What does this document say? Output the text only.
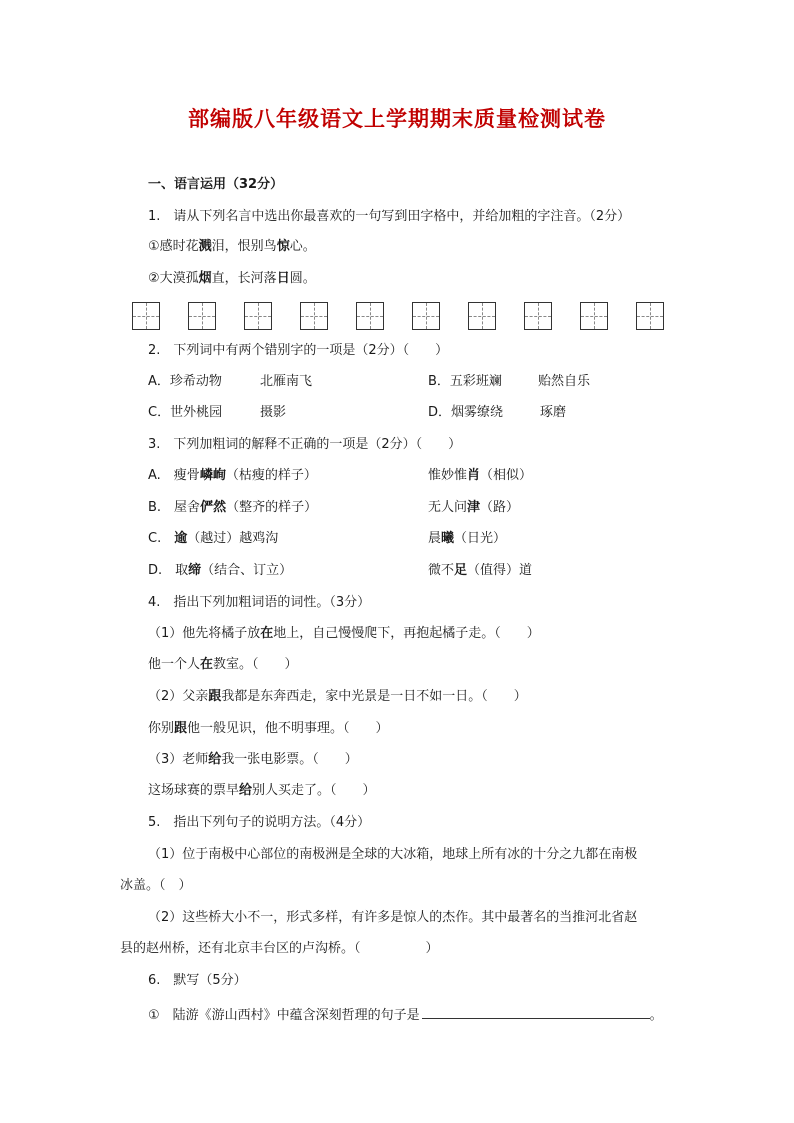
部编版八年级语文上学期期末质量检测试卷
一、语言运用（32分）
1.　请从下列名言中选出你最喜欢的一句写到田字格中，并给加粗的字注音。（2分）
①感时花溅泪，恨别鸟惊心。
②大漠孤烟直，长河落日圆。
2.　下列词中有两个错别字的一项是（2分）（　　）
A．珍希动物	北雁南飞	B．五彩班斓	贻然自乐
C．世外桃园	摄影	D．烟雾缭绕	琢磨
3.　下列加粗词的解释不正确的一项是（2分）（　　）
A.　瘦骨嶙峋（枯瘦的样子）	惟妙惟肖（相似）
B.　屋舍俨然（整齐的样子）	无人问津（路）
C.　逾（越过）越鸡沟	晨曦（日光）
D.　取缔（结合、订立）	微不足（值得）道
4.　指出下列加粗词语的词性。（3分）
（1）他先将橘子放在地上，自己慢慢爬下，再抱起橘子走。（　　）
他一个人在教室。（　　）
（2）父亲跟我都是东奔西走，家中光景是一日不如一日。（　　）
你别跟他一般见识，他不明事理。（　　）
（3）老师给我一张电影票。（　　）
这场球赛的票早给别人买走了。（　　）
5.　指出下列句子的说明方法。（4分）
（1）位于南极中心部位的南极洲是全球的大冰箱，地球上所有冰的十分之九都在南极
冰盖。（　）
（2）这些桥大小不一，形式多样，有许多是惊人的杰作。其中最著名的当推河北省赵
县的赵州桥，还有北京丰台区的卢沟桥。（　　　　　）
6.　默写（5分）
①　陆游《游山西村》中蕴含深刻哲理的句子是	。
